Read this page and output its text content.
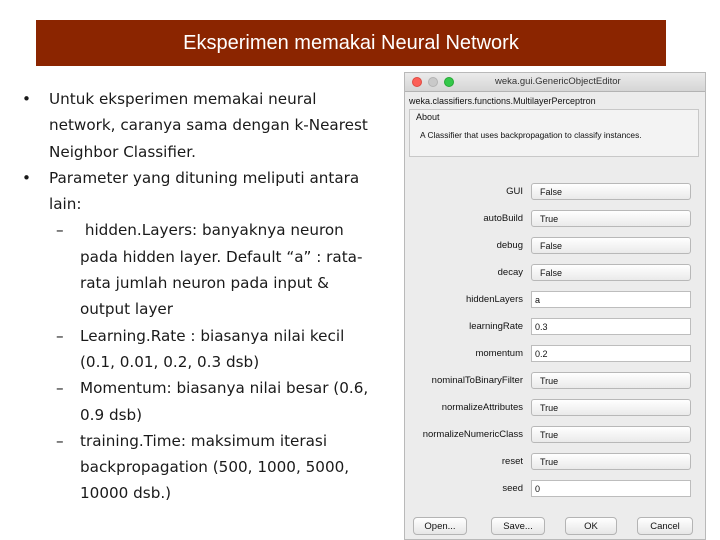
Eksperimen memakai Neural Network
• Untuk eksperimen memakai neural

network, caranya sama dengan k-Nearest

Neighbor Classifier.

• Parameter yang dituning meliputi antara

lain:

– hidden.Layers: banyaknya neuron

pada hidden layer. Default “a” : rata-

rata jumlah neuron pada input &

output layer

– Learning.Rate : biasanya nilai kecil

(0.1, 0.01, 0.2, 0.3 dsb)

– Momentum: biasanya nilai besar (0.6,

0.9 dsb)

– training.Time: maksimum iterasi

backpropagation (500, 1000, 5000,

10000 dsb.)

weka.gui.GenericObjectEditor
weka.classifiers.functions.MultilayerPerceptron
About
A Classifier that uses backpropagation to classify instances.
GUI	False
autoBuild	True
debug	False
decay	False
hiddenLayers	a
learningRate	0.3
momentum	0.2
nominalToBinaryFilter	True
normalizeAttributes	True
normalizeNumericClass	True
reset	True
seed	0
Open...	Save...	OK	Cancel
